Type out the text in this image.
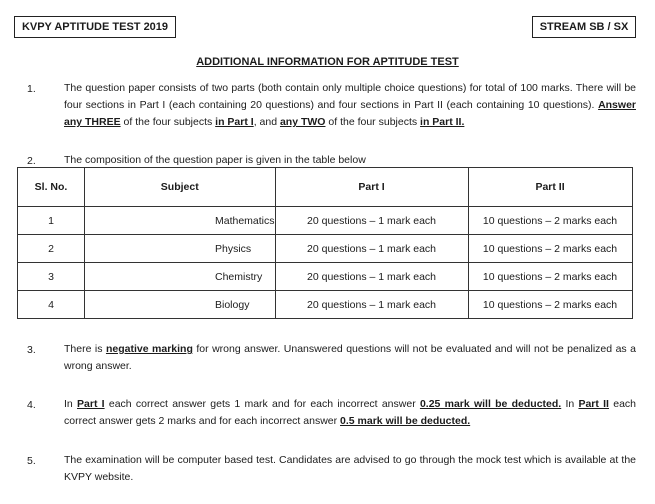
KVPY APTITUDE TEST 2019	STREAM SB / SX
ADDITIONAL INFORMATION FOR APTITUDE TEST
1.	The question paper consists of two parts (both contain only multiple choice questions) for total of 100 marks. There will be four sections in Part I (each containing 20 questions) and four sections in Part II (each containing 10 questions). Answer any THREE of the four subjects in Part I, and any TWO of the four subjects in Part II.
2.	The composition of the question paper is given in the table below
Sl. No.	Subject	Part I	Part II
1	Mathematics	20 questions – 1 mark each	10 questions – 2 marks each
2	Physics	20 questions – 1 mark each	10 questions – 2 marks each
3	Chemistry	20 questions – 1 mark each	10 questions – 2 marks each
4	Biology	20 questions – 1 mark each	10 questions – 2 marks each
3.	There is negative marking for wrong answer. Unanswered questions will not be evaluated and will not be penalized as a wrong answer.
4.	In Part I each correct answer gets 1 mark and for each incorrect answer 0.25 mark will be deducted. In Part II each correct answer gets 2 marks and for each incorrect answer 0.5 mark will be deducted.
5.	The examination will be computer based test. Candidates are advised to go through the mock test which is available at the KVPY website.
